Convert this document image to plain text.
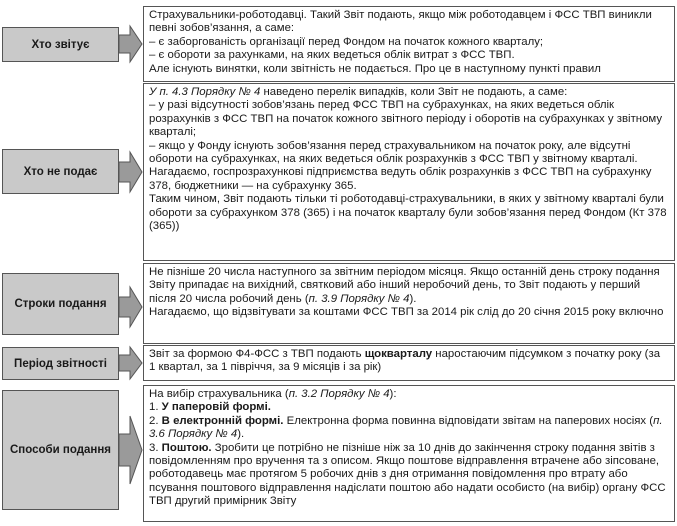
Хто звітує

Страхувальники-роботодавці. Такий Звіт подають, якщо між роботодавцем і ФСС ТВП виникли певні зобов’язання, а саме:

– є заборгованість організації перед Фондом на початок кожного кварталу;

– є обороти за рахунками, на яких ведеться облік витрат з ФСС ТВП.

Але існують винятки, коли звітність не подається. Про це в наступному пункті правил

Хто не подає

У п. 4.3 Порядку № 4 наведено перелік випадків, коли Звіт не подають, а саме:

– у разі відсутності зобов’язань перед ФСС ТВП на субрахунках, на яких ведеться облік розрахунків з ФСС ТВП на початок кожного звітного періоду і оборотів на субрахунках у звітному кварталі;

– якщо у Фонду існують зобов’язання перед страхувальником на початок року, але відсутні обороти на субрахунках, на яких ведеться облік розрахунків з ФСС ТВП у звітному кварталі.

Нагадаємо, госпрозрахункові підприємства ведуть облік розрахунків з ФСС ТВП на субрахунку 378, бюджетники — на субрахунку 365.

Таким чином, Звіт подають тільки ті роботодавці-страхувальники, в яких у звітному кварталі були обороти за субрахунком 378 (365) і на початок кварталу були зобов’язання перед Фондом (Кт 378 (365))

Строки подання

Не пізніше 20 числа наступного за звітним періодом місяця. Якщо останній день строку подання Звіту припадає на вихідний, святковий або інший неробочий день, то Звіт подають у перший після 20 числа робочий день (п. 3.9 Порядку № 4).

Нагадаємо, що відзвітувати за коштами ФСС ТВП за 2014 рік слід до 20 січня 2015 року включно

Період звітності

Звіт за формою Ф4-ФСС з ТВП подають щокварталу наростаючим підсумком з початку року (за 1 квартал, за 1 півріччя, за 9 місяців і за рік)

Способи подання

На вибір страхувальника (п. 3.2 Порядку № 4):

1. У паперовій формі.

2. В електронній формі. Електронна форма повинна відповідати звітам на паперових носіях (п. 3.6 Порядку № 4).

3. Поштою. Зробити це потрібно не пізніше ніж за 10 днів до закінчення строку подання звітів з повідомленням про вручення та з описом. Якщо поштове відправлення втрачене або зіпсоване, роботодавець має протягом 5 робочих днів з дня отримання повідомлення про втрату або псування поштового відправлення надіслати поштою або надати особисто (на вибір) органу ФСС ТВП другий примірник Звіту
